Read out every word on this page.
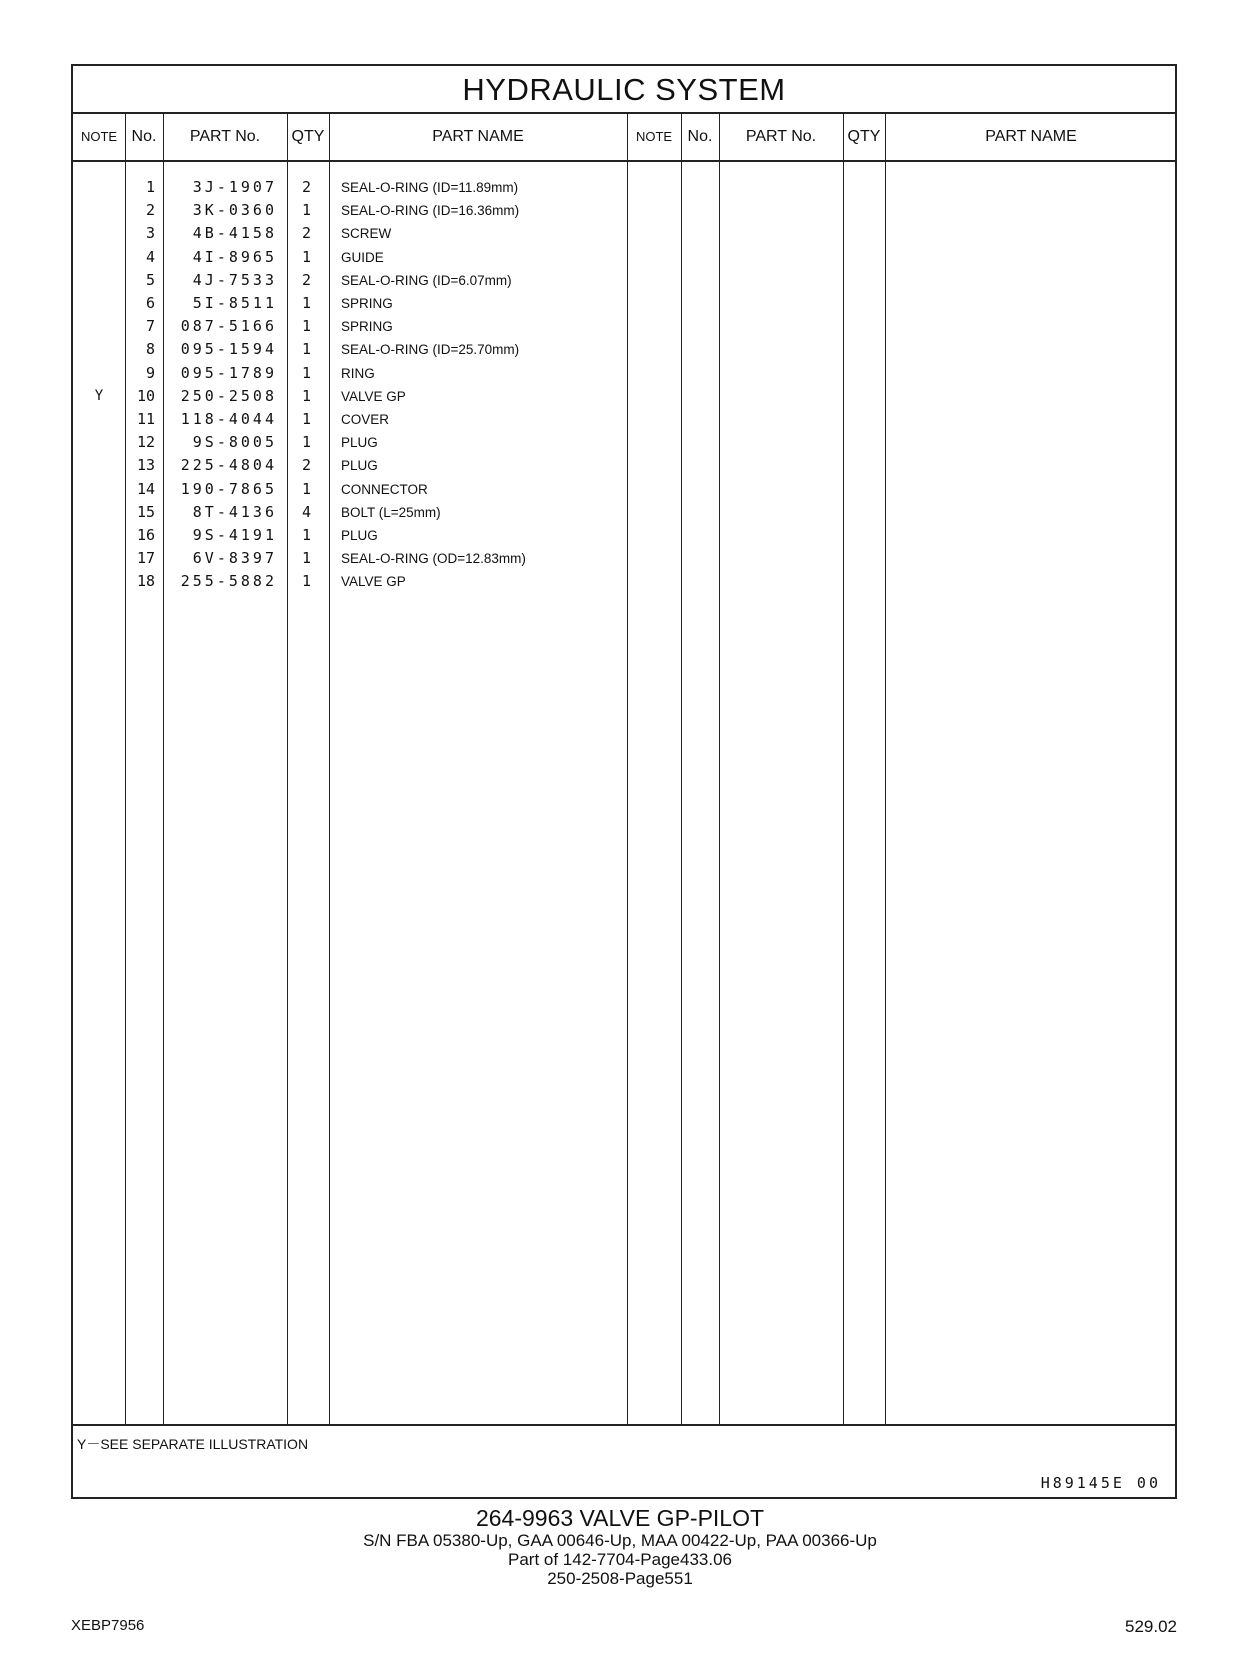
HYDRAULIC SYSTEM
NOTE No.	PART No.	QTY	PART NAME	NOTE No.	PART No.	QTY	PART NAME
1	3J-1907	2 SEAL-O-RING (ID=11.89mm)
2	3K-0360	1 SEAL-O-RING (ID=16.36mm)
3	4B-4158	2 SCREW
4	4I-8965	1 GUIDE
5	4J-7533	2 SEAL-O-RING (ID=6.07mm)
6	5I-8511	1 SPRING
7	087-5166	1 SPRING
8	095-1594	1 SEAL-O-RING (ID=25.70mm)
9	095-1789	1 RING
Y	10	250-2508	1 VALVE GP
11	118-4044	1 COVER
12	9S-8005	1 PLUG
13	225-4804	2 PLUG
14	190-7865	1 CONNECTOR
15	8T-4136	4 BOLT (L=25mm)
16	9S-4191	1 PLUG
17	6V-8397	1 SEAL-O-RING (OD=12.83mm)
18	255-5882	1 VALVE GP
Y－SEE SEPARATE ILLUSTRATION
H89145E 00
264-9963 VALVE GP-PILOT
S/N FBA 05380-Up, GAA 00646-Up, MAA 00422-Up, PAA 00366-Up
Part of 142-7704-Page433.06
250-2508-Page551
XEBP7956	529.02
